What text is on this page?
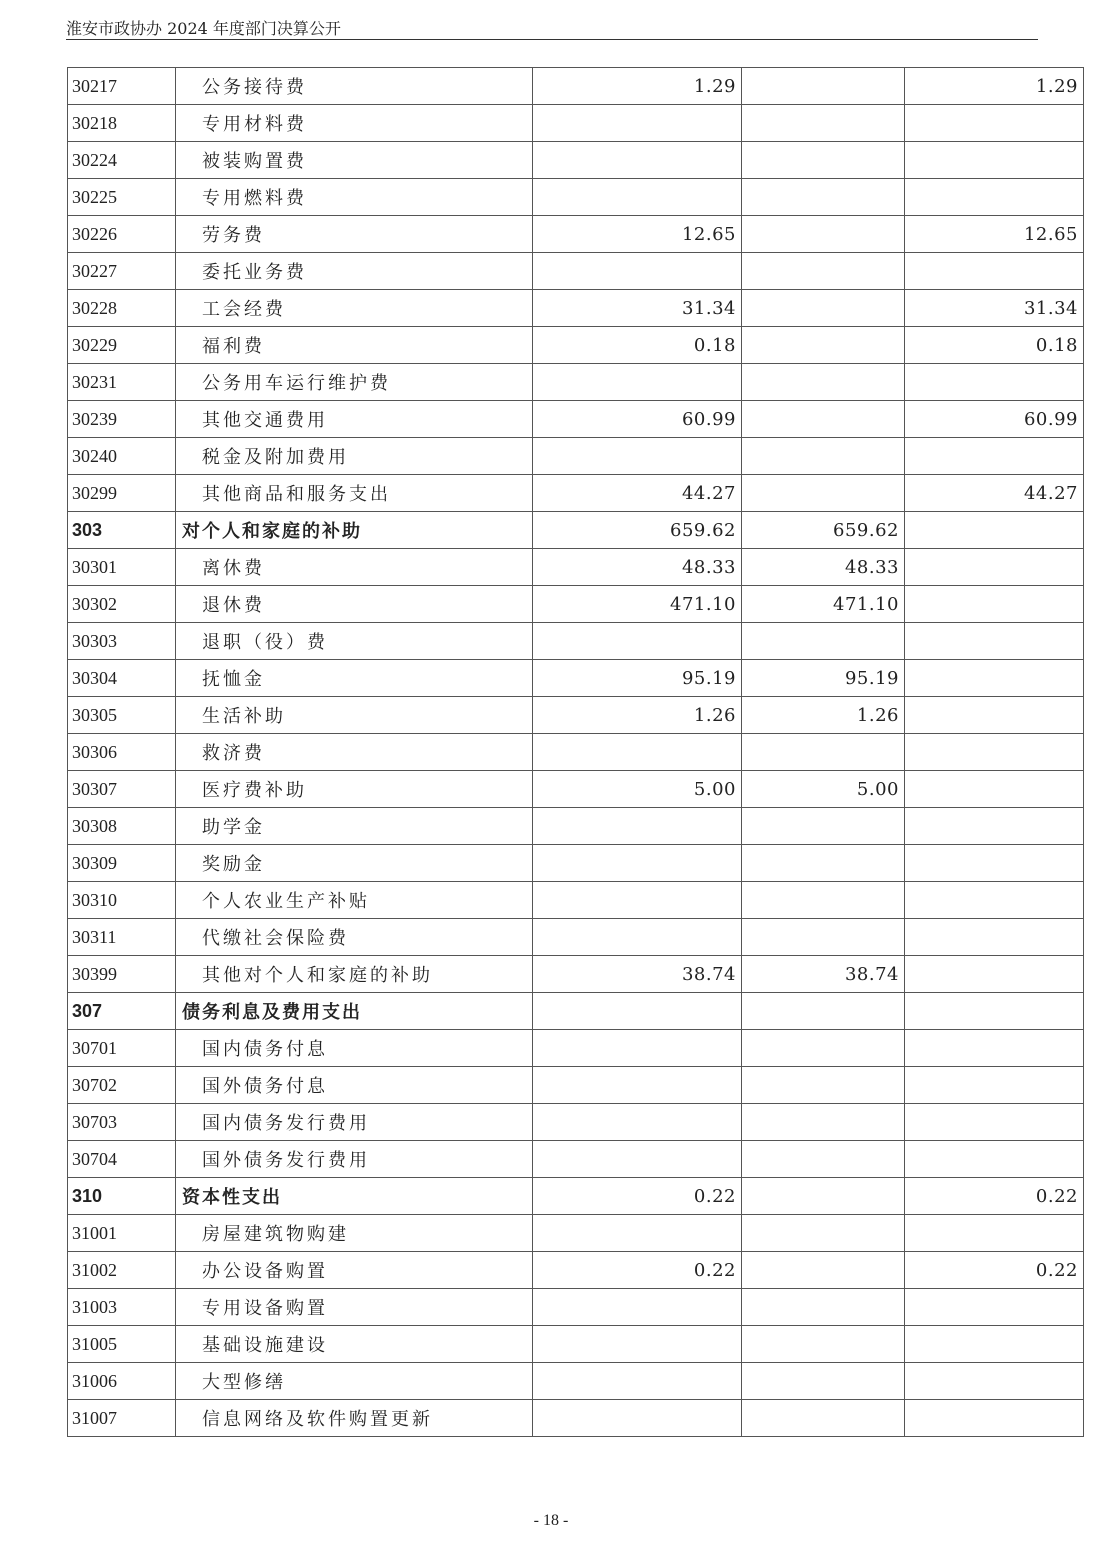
淮安市政协办 2024 年度部门决算公开
30217	公务接待费	1.29		1.29
30218	专用材料费			
30224	被装购置费			
30225	专用燃料费			
30226	劳务费	12.65		12.65
30227	委托业务费			
30228	工会经费	31.34		31.34
30229	福利费	0.18		0.18
30231	公务用车运行维护费			
30239	其他交通费用	60.99		60.99
30240	税金及附加费用			
30299	其他商品和服务支出	44.27		44.27
303	对个人和家庭的补助	659.62	659.62	
30301	离休费	48.33	48.33	
30302	退休费	471.10	471.10	
30303	退职（役）费			
30304	抚恤金	95.19	95.19	
30305	生活补助	1.26	1.26	
30306	救济费			
30307	医疗费补助	5.00	5.00	
30308	助学金			
30309	奖励金			
30310	个人农业生产补贴			
30311	代缴社会保险费			
30399	其他对个人和家庭的补助	38.74	38.74	
307	债务利息及费用支出			
30701	国内债务付息			
30702	国外债务付息			
30703	国内债务发行费用			
30704	国外债务发行费用			
310	资本性支出	0.22		0.22
31001	房屋建筑物购建			
31002	办公设备购置	0.22		0.22
31003	专用设备购置			
31005	基础设施建设			
31006	大型修缮			
31007	信息网络及软件购置更新			
- 18 -
